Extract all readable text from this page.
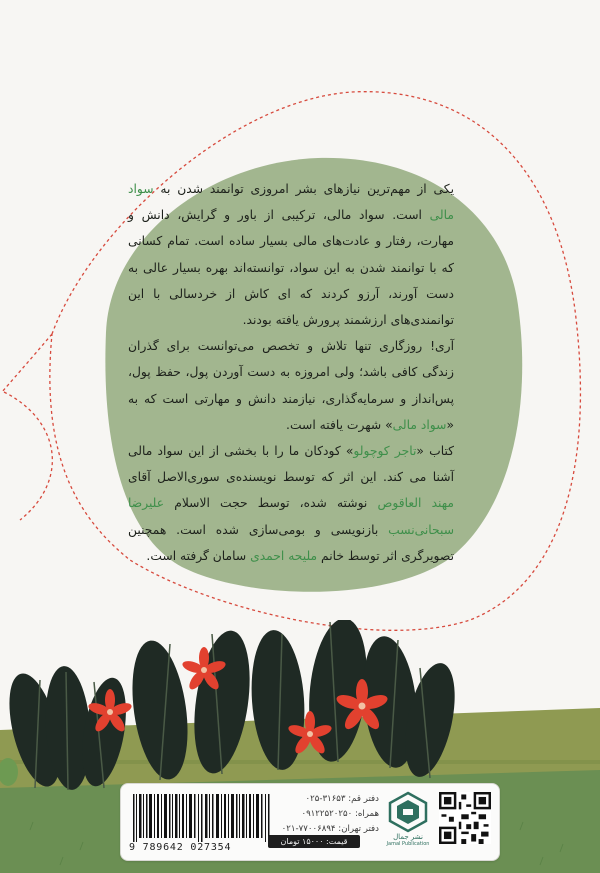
یکی از مهم‌ترین نیازهای بشر امروزی توانمند شدن به سواد مالی است. سواد مالی، ترکیبی از باور و گرایش، دانش و مهارت، رفتار و عادت‌های مالی بسیار ساده است. تمام کسانی که با توانمند شدن به این سواد، توانسته‌اند بهره بسیار عالی به دست آورند، آرزو کردند که ای کاش از خردسالی با این توانمندی‌های ارزشمند پرورش یافته بودند.

آری! روزگاری تنها تلاش و تخصص می‌توانست برای گذران زندگی کافی باشد؛ ولی امروزه به دست آوردن پول، حفظ پول، پس‌انداز و سرمایه‌گذاری، نیازمند دانش و مهارتی است که به «سواد مالی» شهرت یافته است.

کتاب «تاجر کوچولو» کودکان ما را با بخشی از این سواد مالی آشنا می کند. این اثر که توسط نویسنده‌ی سوری‌الاصل آقای مهند العاقوص نوشته شده، توسط حجت الاسلام علیرضا سبحانی‌نسب بازنویسی و بومی‌سازی شده است. همچنین تصویرگری اثر توسط خانم ملیحه احمدی سامان گرفته است.

9 789642 027354
دفتر قم: ۳۱۶۵۳-۰۲۵
همراه: ۰۹۱۲۲۵۲۰۲۵۰
دفتر تهران: ۷۷۰۰۶۸۹۴-۰۲۱
قیمت: ۱۵۰۰۰ تومان	نشر جمال
Jamal Publication
